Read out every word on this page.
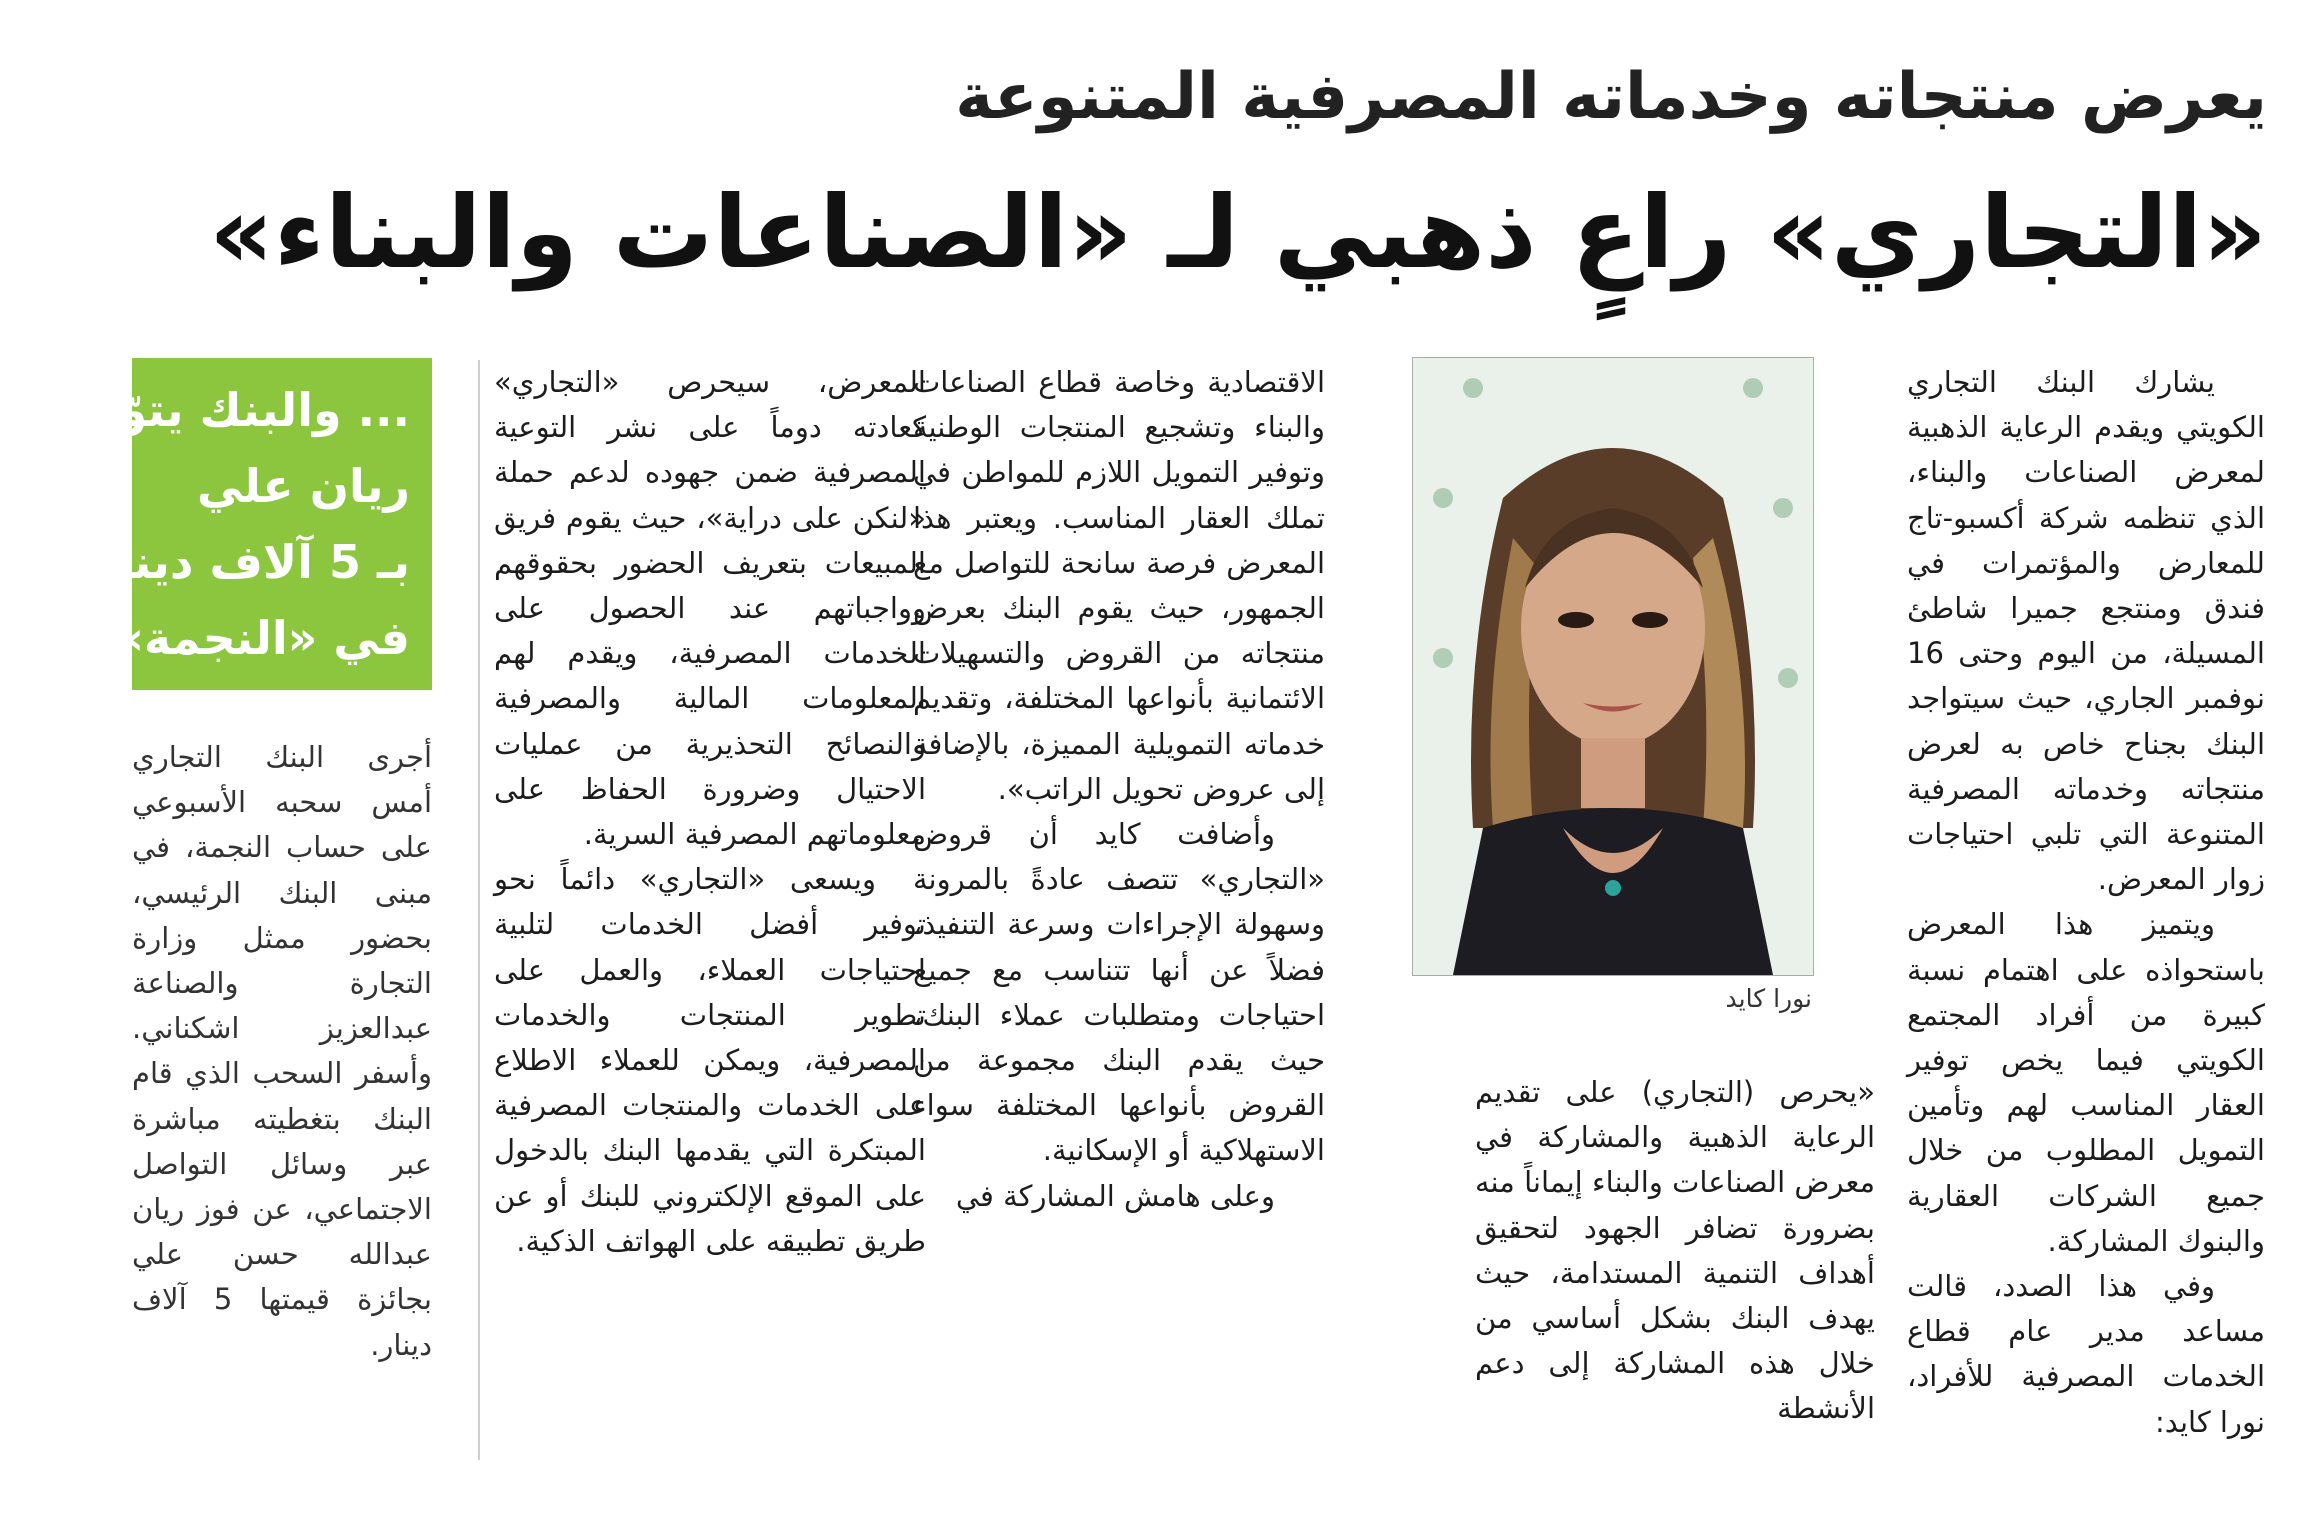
يعرض منتجاته وخدماته المصرفية المتنوعة
«التجاري» راعٍ ذهبي لـ «الصناعات والبناء»

يشارك البنك التجاري الكويتي ويقدم الرعاية الذهبية لمعرض الصناعات والبناء، الذي تنظمه شركة أكسبو-تاج للمعارض والمؤتمرات في فندق ومنتجع جميرا شاطئ المسيلة، من اليوم وحتى 16 نوفمبر الجاري، حيث سيتواجد البنك بجناح خاص به لعرض منتجاته وخدماته المصرفية المتنوعة التي تلبي احتياجات زوار المعرض.

ويتميز هذا المعرض باستحواذه على اهتمام نسبة كبيرة من أفراد المجتمع الكويتي فيما يخص توفير العقار المناسب لهم وتأمين التمويل المطلوب من خلال جميع الشركات العقارية والبنوك المشاركة.

وفي هذا الصدد، قالت مساعد مدير عام قطاع الخدمات المصرفية للأفراد، نورا كايد:

نورا كايد

«يحرص (التجاري) على تقديم الرعاية الذهبية والمشاركة في معرض الصناعات والبناء إيماناً منه بضرورة تضافر الجهود لتحقيق أهداف التنمية المستدامة، حيث يهدف البنك بشكل أساسي من خلال هذه المشاركة إلى دعم الأنشطة

الاقتصادية وخاصة قطاع الصناعات والبناء وتشجيع المنتجات الوطنية وتوفير التمويل اللازم للمواطن في تملك العقار المناسب. ويعتبر هذا المعرض فرصة سانحة للتواصل مع الجمهور، حيث يقوم البنك بعرض منتجاته من القروض والتسهيلات الائتمانية بأنواعها المختلفة، وتقديم خدماته التمويلية المميزة، بالإضافة إلى عروض تحويل الراتب».

وأضافت كايد أن قروض «التجاري» تتصف عادةً بالمرونة وسهولة الإجراءات وسرعة التنفيذ، فضلاً عن أنها تتناسب مع جميع احتياجات ومتطلبات عملاء البنك، حيث يقدم البنك مجموعة من القروض بأنواعها المختلفة سواء الاستهلاكية أو الإسكانية.

وعلى هامش المشاركة في

المعرض، سيحرص «التجاري» كعادته دوماً على نشر التوعية المصرفية ضمن جهوده لدعم حملة «لنكن على دراية»، حيث يقوم فريق المبيعات بتعريف الحضور بحقوقهم وواجباتهم عند الحصول على الخدمات المصرفية، ويقدم لهم المعلومات المالية والمصرفية والنصائح التحذيرية من عمليات الاحتيال وضرورة الحفاظ على معلوماتهم المصرفية السرية.

ويسعى «التجاري» دائماً نحو توفير أفضل الخدمات لتلبية احتياجات العملاء، والعمل على تطوير المنتجات والخدمات المصرفية، ويمكن للعملاء الاطلاع على الخدمات والمنتجات المصرفية المبتكرة التي يقدمها البنك بالدخول على الموقع الإلكتروني للبنك أو عن طريق تطبيقه على الهواتف الذكية.

... والبنك يتوّج
ريان علي
بـ 5 آلاف دينار
في «النجمة»

أجرى البنك التجاري أمس سحبه الأسبوعي على حساب النجمة، في مبنى البنك الرئيسي، بحضور ممثل وزارة التجارة والصناعة عبدالعزيز اشكناني. وأسفر السحب الذي قام البنك بتغطيته مباشرة عبر وسائل التواصل الاجتماعي، عن فوز ريان عبدالله حسن علي بجائزة قيمتها 5 آلاف دينار.
